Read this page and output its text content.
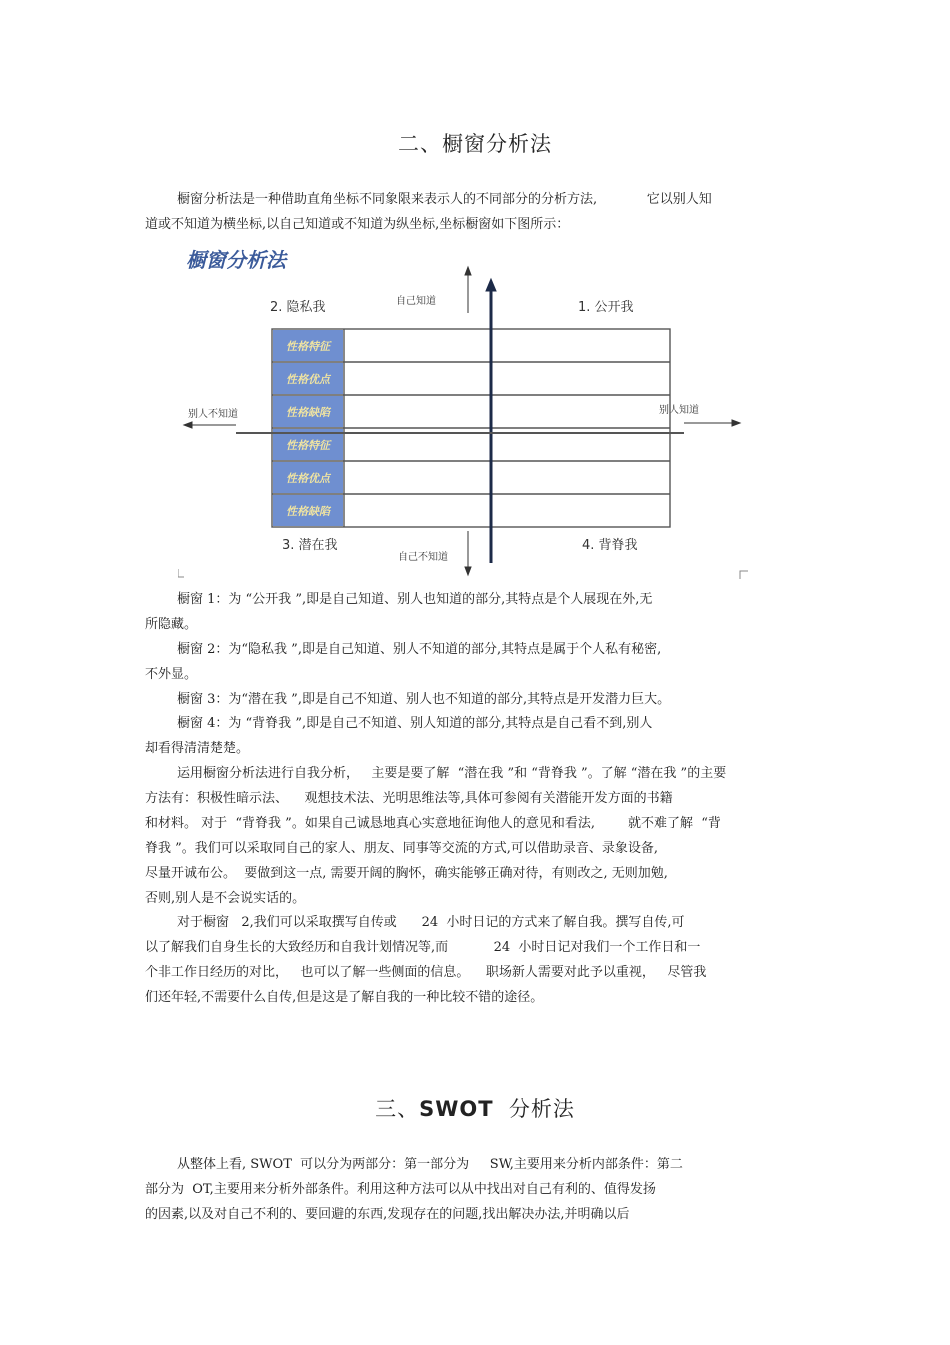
二、橱窗分析法

橱窗分析法是一种借助直角坐标不同象限来表示人的不同部分的分析方法,            它以别人知
道或不知道为横坐标,以自己知道或不知道为纵坐标,坐标橱窗如下图所示：

橱窗分析法
2. 隐私我	1. 公开我
3. 潜在我	4. 背脊我
自己知道
自己不知道
别人不知道	别人知道
性格特征
性格优点
性格缺陷
性格特征
性格优点
性格缺陷

橱窗 1：为 “公开我 ”,即是自己知道、别人也知道的部分,其特点是个人展现在外,无
所隐藏。

橱窗 2：为“隐私我 ”,即是自己知道、别人不知道的部分,其特点是属于个人私有秘密,
不外显。

橱窗 3：为“潜在我 ”,即是自己不知道、别人也不知道的部分,其特点是开发潜力巨大。

橱窗 4：为 “背脊我 ”,即是自己不知道、别人知道的部分,其特点是自己看不到,别人
却看得清清楚楚。

运用橱窗分析法进行自我分析，   主要是要了解  “潜在我 ”和 “背脊我 ”。了解 “潜在我 ”的主要
方法有：积极性暗示法、    观想技术法、光明思维法等,具体可参阅有关潜能开发方面的书籍
和材料。 对于  “背脊我 ”。如果自己诚恳地真心实意地征询他人的意见和看法,        就不难了解  “背
脊我 ”。我们可以采取同自己的家人、朋友、同事等交流的方式,可以借助录音、录象设备,
尽量开诚布公。  要做到这一点, 需要开阔的胸怀，确实能够正确对待，有则改之, 无则加勉,
否则,别人是不会说实话的。

对于橱窗   2,我们可以采取撰写自传或      24  小时日记的方式来了解自我。撰写自传,可
以了解我们自身生长的大致经历和自我计划情况等,而           24  小时日记对我们一个工作日和一
个非工作日经历的对比，   也可以了解一些侧面的信息。    职场新人需要对此予以重视，   尽管我
们还年轻,不需要什么自传,但是这是了解自我的一种比较不错的途径。

三、SWOT  分析法

从整体上看, SWOT  可以分为两部分：第一部分为     SW,主要用来分析内部条件：第二
部分为  OT,主要用来分析外部条件。利用这种方法可以从中找出对自己有利的、值得发扬
的因素,以及对自己不利的、要回避的东西,发现存在的问题,找出解决办法,并明确以后
